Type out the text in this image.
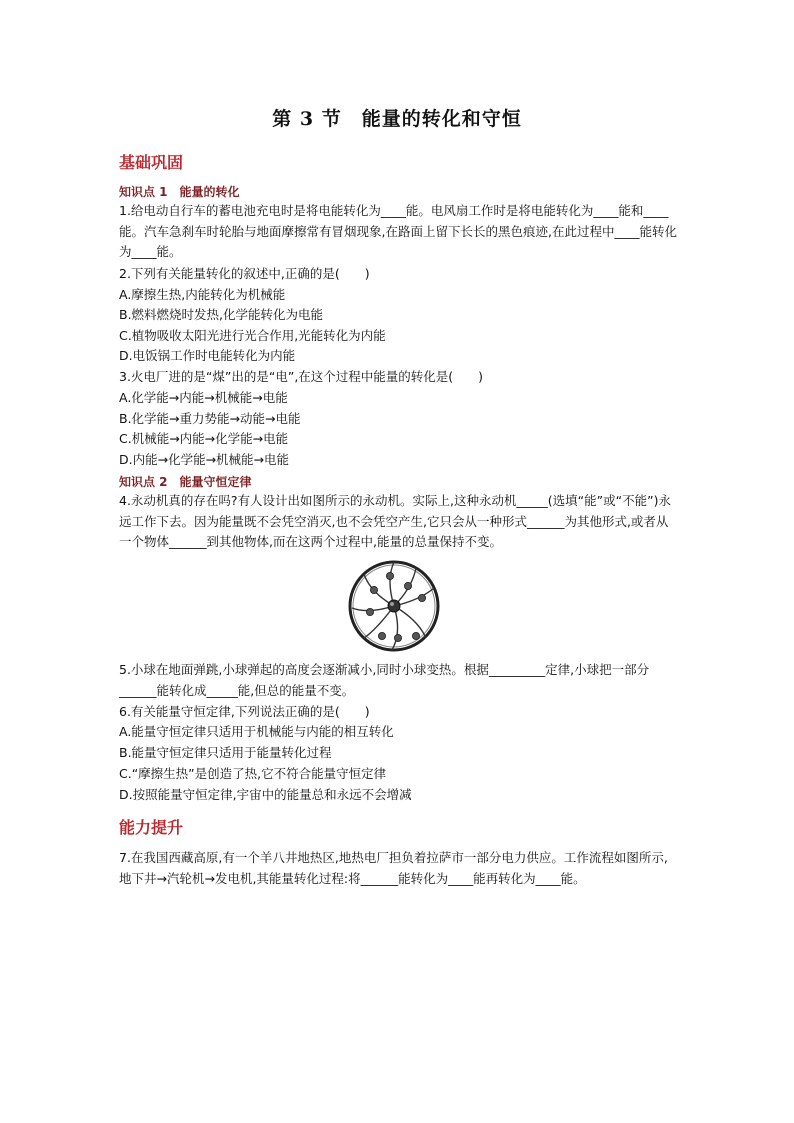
第 3 节　能量的转化和守恒
基础巩固
知识点 1　能量的转化
1.给电动自行车的蓄电池充电时是将电能转化为____能。电风扇工作时是将电能转化为____能和____能。汽车急刹车时轮胎与地面摩擦常有冒烟现象,在路面上留下长长的黑色痕迹,在此过程中____能转化为____能。
2.下列有关能量转化的叙述中,正确的是(　　)
A.摩擦生热,内能转化为机械能
B.燃料燃烧时发热,化学能转化为电能
C.植物吸收太阳光进行光合作用,光能转化为内能
D.电饭锅工作时电能转化为内能
3.火电厂进的是“煤”出的是“电”,在这个过程中能量的转化是(　　)
A.化学能→内能→机械能→电能
B.化学能→重力势能→动能→电能
C.机械能→内能→化学能→电能
D.内能→化学能→机械能→电能
知识点 2　能量守恒定律
4.永动机真的存在吗?有人设计出如图所示的永动机。实际上,这种永动机_____(选填“能”或“不能”)永远工作下去。因为能量既不会凭空消灭,也不会凭空产生,它只会从一种形式______为其他形式,或者从一个物体______到其他物体,而在这两个过程中,能量的总量保持不变。
5.小球在地面弹跳,小球弹起的高度会逐渐减小,同时小球变热。根据_________定律,小球把一部分______能转化成_____能,但总的能量不变。
6.有关能量守恒定律,下列说法正确的是(　　)
A.能量守恒定律只适用于机械能与内能的相互转化
B.能量守恒定律只适用于能量转化过程
C.“摩擦生热”是创造了热,它不符合能量守恒定律
D.按照能量守恒定律,宇宙中的能量总和永远不会增减
能力提升
7.在我国西藏高原,有一个羊八井地热区,地热电厂担负着拉萨市一部分电力供应。工作流程如图所示,地下井→汽轮机→发电机,其能量转化过程:将______能转化为____能再转化为____能。
